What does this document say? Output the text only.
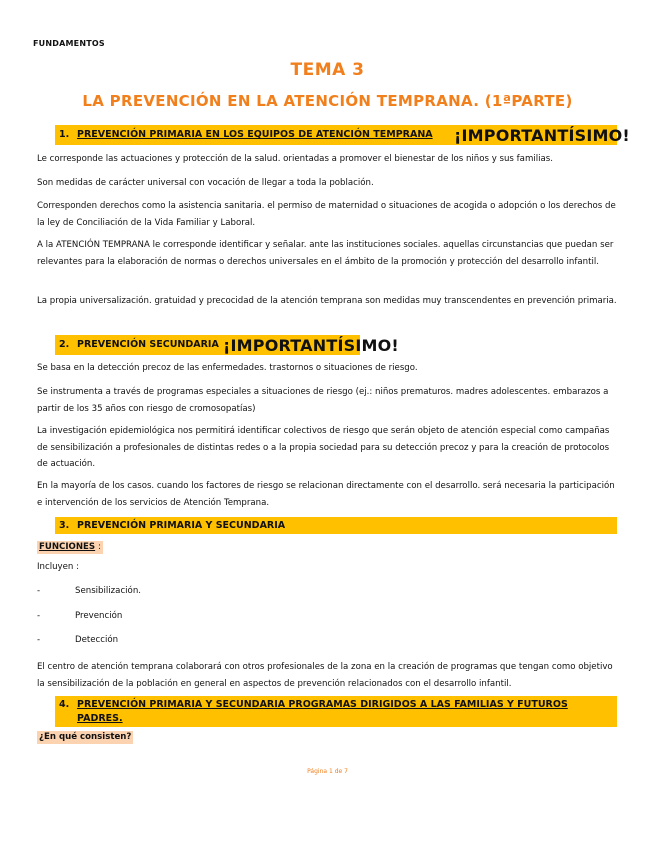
FUNDAMENTOS
TEMA 3
LA PREVENCIÓN EN LA ATENCIÓN TEMPRANA. (1ªPARTE)
1. PREVENCIÓN PRIMARIA EN LOS EQUIPOS DE ATENCIÓN TEMPRANA ¡IMPORTANTÍSIMO!
Le corresponde las actuaciones y protección de la salud. orientadas a promover el bienestar de los niños y sus familias.
Son medidas de carácter universal con vocación de llegar a toda la población.
Corresponden derechos como la asistencia sanitaria. el permiso de maternidad o situaciones de acogida o adopción o los derechos de la ley de Conciliación de la Vida Familiar y Laboral.
A la ATENCIÓN TEMPRANA le corresponde identificar y señalar. ante las instituciones sociales. aquellas circunstancias que puedan ser relevantes para la elaboración de normas o derechos universales en el ámbito de la promoción y protección del desarrollo infantil.
La propia universalización. gratuidad y precocidad de la atención temprana son medidas muy transcendentes en prevención primaria.
2. PREVENCIÓN SECUNDARIA ¡IMPORTANTÍSIMO!
Se basa en la detección precoz de las enfermedades. trastornos o situaciones de riesgo.
Se instrumenta a través de programas especiales a situaciones de riesgo (ej.: niños prematuros. madres adolescentes. embarazos a partir de los 35 años con riesgo de cromosopatías)
La investigación epidemiológica nos permitirá identificar colectivos de riesgo que serán objeto de atención especial como campañas de sensibilización a profesionales de distintas redes o a la propia sociedad para su detección precoz y para la creación de protocolos de actuación.
En la mayoría de los casos. cuando los factores de riesgo se relacionan directamente con el desarrollo. será necesaria la participación e intervención de los servicios de Atención Temprana.
3. PREVENCIÓN PRIMARIA Y SECUNDARIA
FUNCIONES :
Incluyen :
-	Sensibilización.
-	Prevención
-	Detección
El centro de atención temprana colaborará con otros profesionales de la zona en la creación de programas que tengan como objetivo la sensibilización de la población en general en aspectos de prevención relacionados con el desarrollo infantil.
4. PREVENCIÓN PRIMARIA Y SECUNDARIA PROGRAMAS DIRIGIDOS A LAS FAMILIAS Y FUTUROS
PADRES.
¿En qué consisten?
Página 1 de 7
